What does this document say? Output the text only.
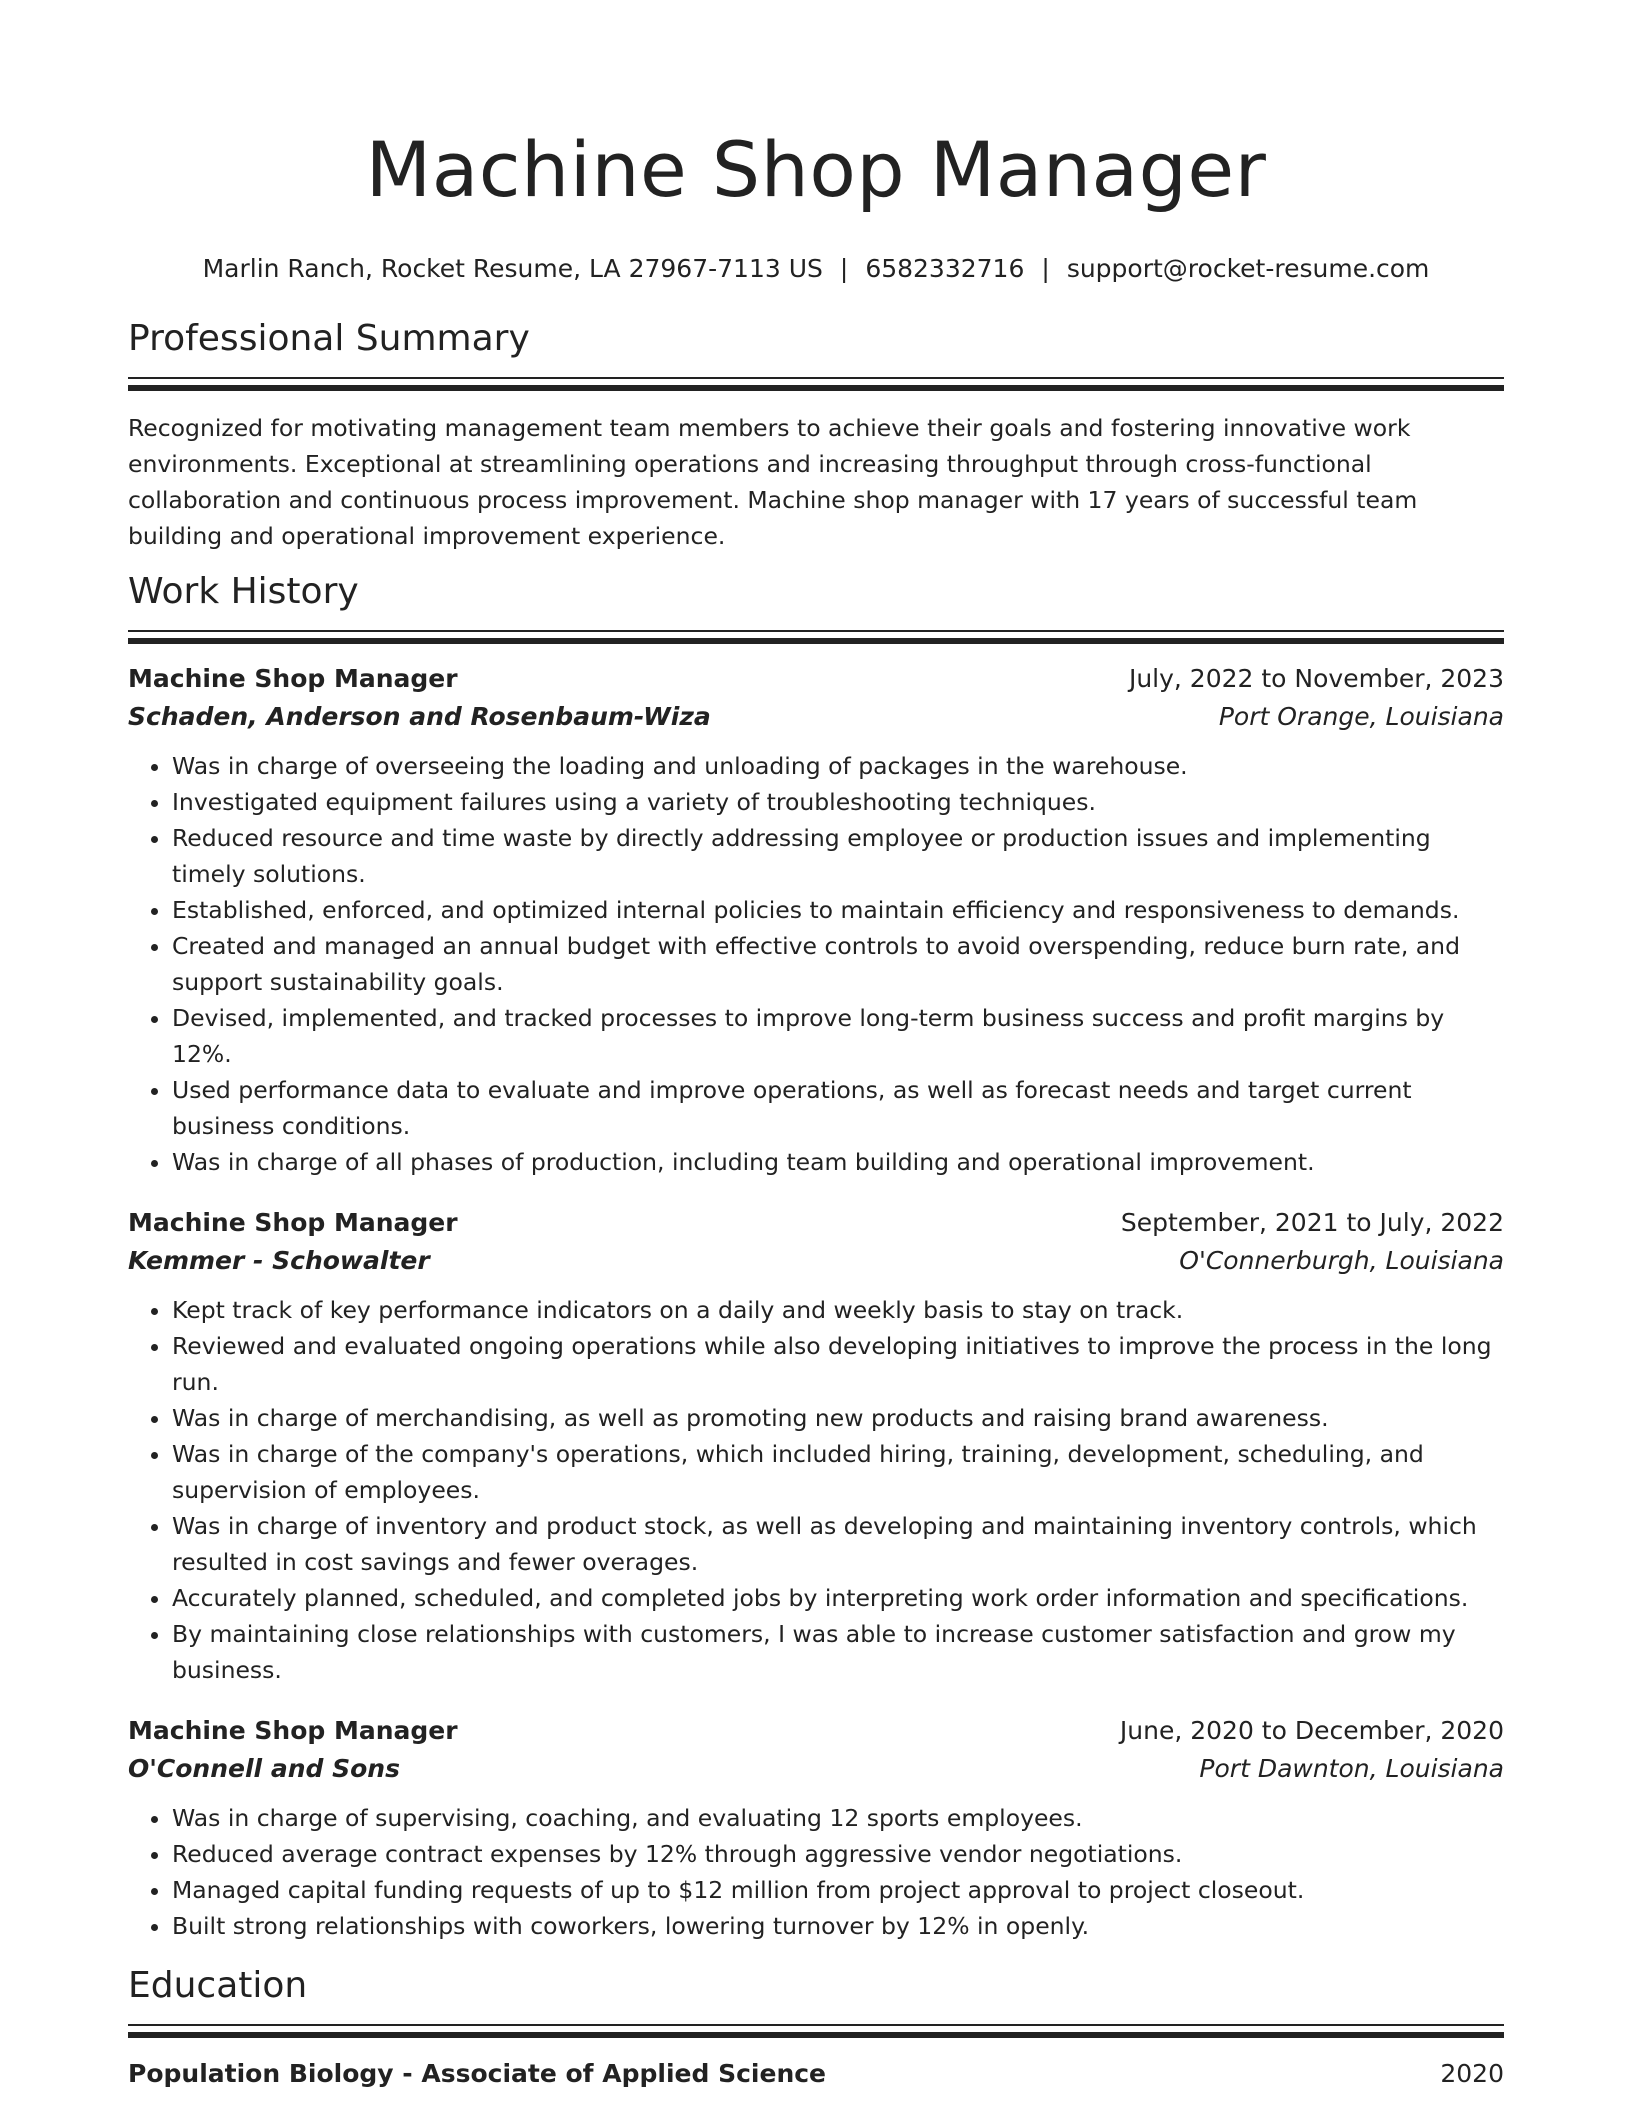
Machine Shop Manager
Marlin Ranch, Rocket Resume, LA 27967-7113 US | 6582332716 | support@rocket-resume.com
Professional Summary

Recognized for motivating management team members to achieve their goals and fostering innovative work environments. Exceptional at streamlining operations and increasing throughput through cross-functional collaboration and continuous process improvement. Machine shop manager with 17 years of successful team building and operational improvement experience.

Work History
Machine Shop Manager	July, 2022 to November, 2023
Schaden, Anderson and Rosenbaum-Wiza	Port Orange, Louisiana
• Was in charge of overseeing the loading and unloading of packages in the warehouse.
• Investigated equipment failures using a variety of troubleshooting techniques.
• Reduced resource and time waste by directly addressing employee or production issues and implementing timely solutions.
• Established, enforced, and optimized internal policies to maintain efficiency and responsiveness to demands.
• Created and managed an annual budget with effective controls to avoid overspending, reduce burn rate, and support sustainability goals.
• Devised, implemented, and tracked processes to improve long-term business success and profit margins by 12%.
• Used performance data to evaluate and improve operations, as well as forecast needs and target current business conditions.
• Was in charge of all phases of production, including team building and operational improvement.
Machine Shop Manager	September, 2021 to July, 2022
Kemmer - Schowalter	O'Connerburgh, Louisiana
• Kept track of key performance indicators on a daily and weekly basis to stay on track.
• Reviewed and evaluated ongoing operations while also developing initiatives to improve the process in the long run.
• Was in charge of merchandising, as well as promoting new products and raising brand awareness.
• Was in charge of the company's operations, which included hiring, training, development, scheduling, and supervision of employees.
• Was in charge of inventory and product stock, as well as developing and maintaining inventory controls, which resulted in cost savings and fewer overages.
• Accurately planned, scheduled, and completed jobs by interpreting work order information and specifications.
• By maintaining close relationships with customers, I was able to increase customer satisfaction and grow my business.
Machine Shop Manager	June, 2020 to December, 2020
O'Connell and Sons	Port Dawnton, Louisiana
• Was in charge of supervising, coaching, and evaluating 12 sports employees.
• Reduced average contract expenses by 12% through aggressive vendor negotiations.
• Managed capital funding requests of up to $12 million from project approval to project closeout.
• Built strong relationships with coworkers, lowering turnover by 12% in openly.
Education
Population Biology - Associate of Applied Science	2020
